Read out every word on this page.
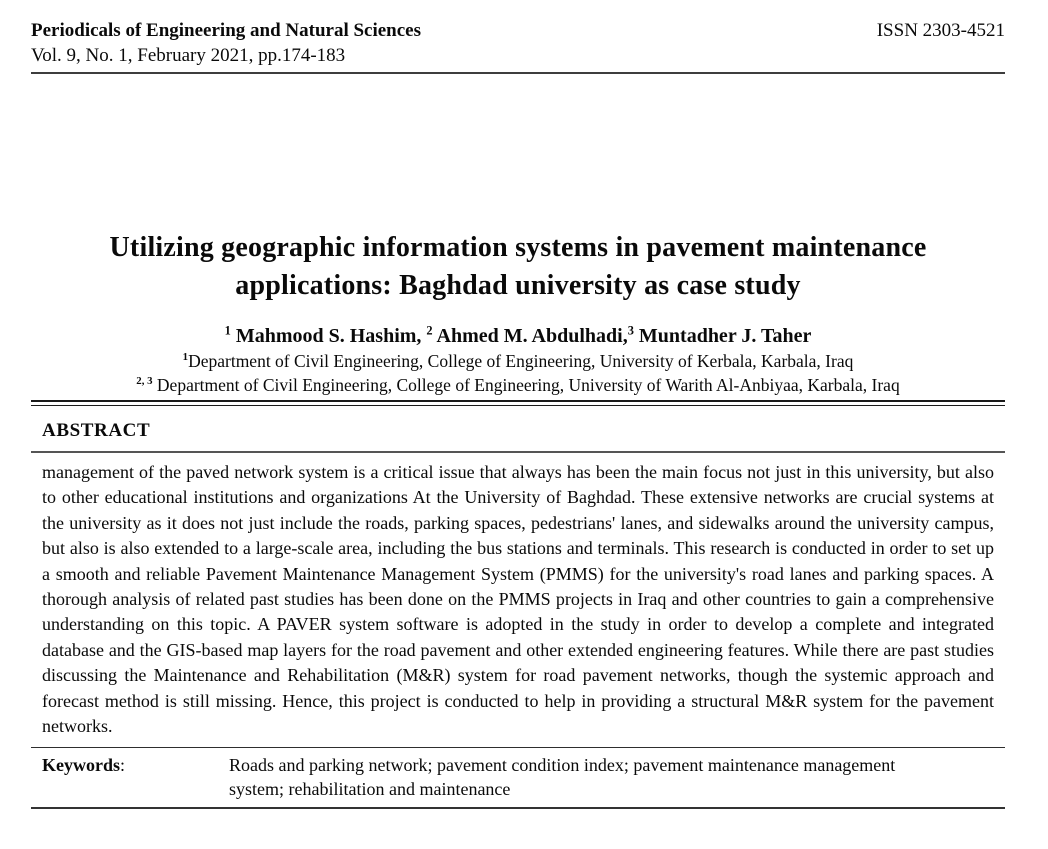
Periodicals of Engineering and Natural Sciences	ISSN 2303-4521
Vol. 9, No. 1, February 2021, pp.174-183
Utilizing geographic information systems in pavement maintenance
applications: Baghdad university as case study
$^1$ Mahmood S. Hashim, $^2$ Ahmed M. Abdulhadi,$^3$ Muntadher J. Taher
$^1$Department of Civil Engineering, College of Engineering, University of Kerbala, Karbala, Iraq
$^{2, 3}$ Department of Civil Engineering, College of Engineering, University of Warith Al-Anbiyaa, Karbala, Iraq
ABSTRACT

management of the paved network system is a critical issue that always has been the main focus not just in this university, but also to other educational institutions and organizations At the University of Baghdad. These extensive networks are crucial systems at the university as it does not just include the roads, parking spaces, pedestrians' lanes, and sidewalks around the university campus, but also is also extended to a large-scale area, including the bus stations and terminals. This research is conducted in order to set up a smooth and reliable Pavement Maintenance Management System (PMMS) for the university's road lanes and parking spaces. A thorough analysis of related past studies has been done on the PMMS projects in Iraq and other countries to gain a comprehensive understanding on this topic. A PAVER system software is adopted in the study in order to develop a complete and integrated database and the GIS-based map layers for the road pavement and other extended engineering features. While there are past studies discussing the Maintenance and Rehabilitation (M&R) system for road pavement networks, though the systemic approach and forecast method is still missing. Hence, this project is conducted to help in providing a structural M&R system for the pavement networks.

Keywords:	Roads and parking network; pavement condition index; pavement maintenance management system; rehabilitation and maintenance
